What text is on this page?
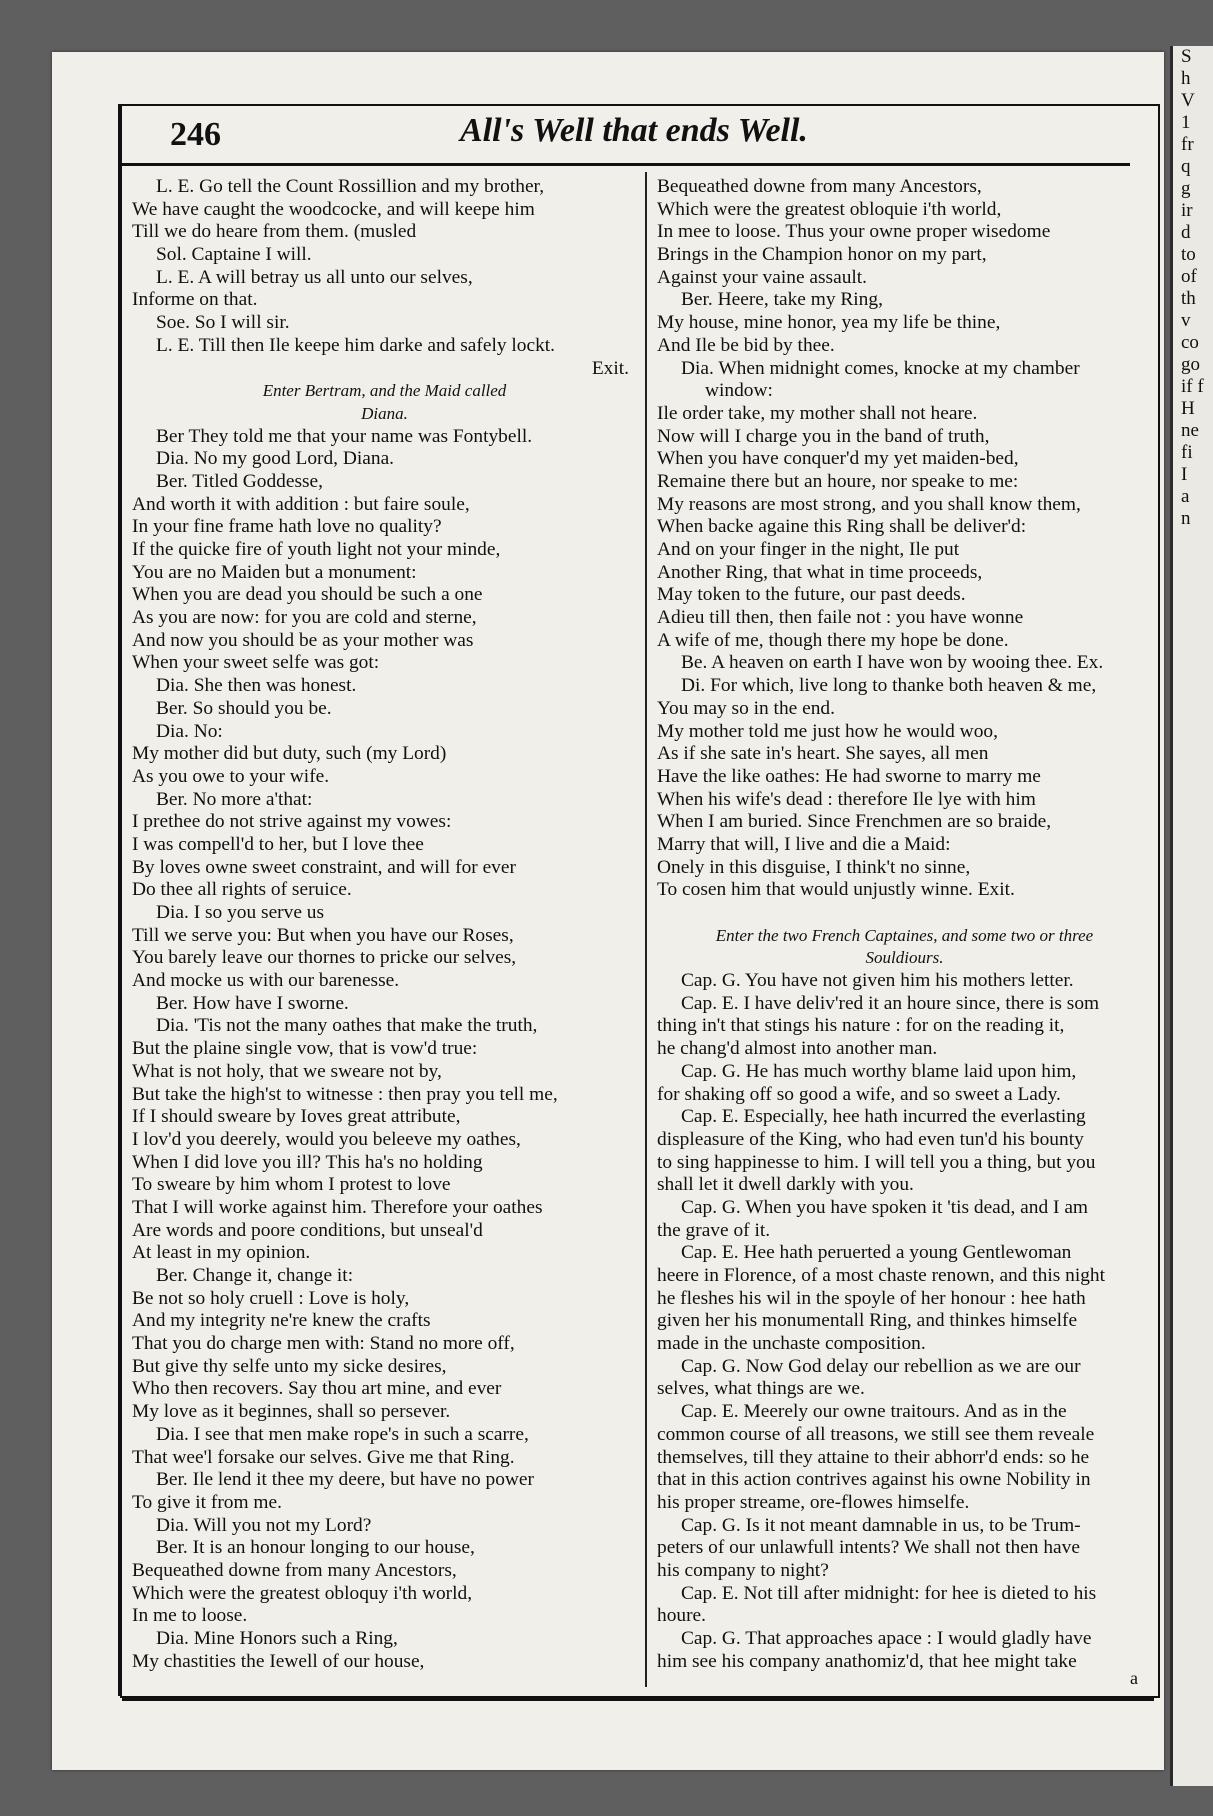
S
h
V
1
fr
q
g
ir
d
to
of
th
v
co
go
if f
H
ne
fi
I
a
n
246	All's Well that ends Well.
L. E. Go tell the Count Rossillion and my brother,
We have caught the woodcocke, and will keepe him
Till we do heare from them. (musled
Sol. Captaine I will.
L. E. A will betray us all unto our selves,
Informe on that.
Soe. So I will sir.
L. E. Till then Ile keepe him darke and safely lockt.
Exit.
Enter Bertram, and the Maid called
Diana.
Ber They told me that your name was Fontybell.
Dia. No my good Lord, Diana.
Ber. Titled Goddesse,
And worth it with addition : but faire soule,
In your fine frame hath love no quality?
If the quicke fire of youth light not your minde,
You are no Maiden but a monument:
When you are dead you should be such a one
As you are now: for you are cold and sterne,
And now you should be as your mother was
When your sweet selfe was got:
Dia. She then was honest.
Ber. So should you be.
Dia. No:
My mother did but duty, such (my Lord)
As you owe to your wife.
Ber. No more a'that:
I prethee do not strive against my vowes:
I was compell'd to her, but I love thee
By loves owne sweet constraint, and will for ever
Do thee all rights of seruice.
Dia. I so you serve us
Till we serve you: But when you have our Roses,
You barely leave our thornes to pricke our selves,
And mocke us with our barenesse.
Ber. How have I sworne.
Dia. 'Tis not the many oathes that make the truth,
But the plaine single vow, that is vow'd true:
What is not holy, that we sweare not by,
But take the high'st to witnesse : then pray you tell me,
If I should sweare by Ioves great attribute,
I lov'd you deerely, would you beleeve my oathes,
When I did love you ill? This ha's no holding
To sweare by him whom I protest to love
That I will worke against him. Therefore your oathes
Are words and poore conditions, but unseal'd
At least in my opinion.
Ber. Change it, change it:
Be not so holy cruell : Love is holy,
And my integrity ne're knew the crafts
That you do charge men with: Stand no more off,
But give thy selfe unto my sicke desires,
Who then recovers. Say thou art mine, and ever
My love as it beginnes, shall so persever.
Dia. I see that men make rope's in such a scarre,
That wee'l forsake our selves. Give me that Ring.
Ber. Ile lend it thee my deere, but have no power
To give it from me.
Dia. Will you not my Lord?
Ber. It is an honour longing to our house,
Bequeathed downe from many Ancestors,
Which were the greatest obloquy i'th world,
In me to loose.
Dia. Mine Honors such a Ring,
My chastities the Iewell of our house,
Bequeathed downe from many Ancestors,
Which were the greatest obloquie i'th world,
In mee to loose. Thus your owne proper wisedome
Brings in the Champion honor on my part,
Against your vaine assault.
Ber. Heere, take my Ring,
My house, mine honor, yea my life be thine,
And Ile be bid by thee.
Dia. When midnight comes, knocke at my chamber
window:
Ile order take, my mother shall not heare.
Now will I charge you in the band of truth,
When you have conquer'd my yet maiden-bed,
Remaine there but an houre, nor speake to me:
My reasons are most strong, and you shall know them,
When backe againe this Ring shall be deliver'd:
And on your finger in the night, Ile put
Another Ring, that what in time proceeds,
May token to the future, our past deeds.
Adieu till then, then faile not : you have wonne
A wife of me, though there my hope be done.
Be. A heaven on earth I have won by wooing thee. Ex.
Di. For which, live long to thanke both heaven & me,
You may so in the end.
My mother told me just how he would woo,
As if she sate in's heart. She sayes, all men
Have the like oathes: He had sworne to marry me
When his wife's dead : therefore Ile lye with him
When I am buried. Since Frenchmen are so braide,
Marry that will, I live and die a Maid:
Onely in this disguise, I think't no sinne,
To cosen him that would unjustly winne. Exit.
Enter the two French Captaines, and some two or three
Souldiours.
Cap. G. You have not given him his mothers letter.
Cap. E. I have deliv'red it an houre since, there is som
thing in't that stings his nature : for on the reading it,
he chang'd almost into another man.
Cap. G. He has much worthy blame laid upon him,
for shaking off so good a wife, and so sweet a Lady.
Cap. E. Especially, hee hath incurred the everlasting
displeasure of the King, who had even tun'd his bounty
to sing happinesse to him. I will tell you a thing, but you
shall let it dwell darkly with you.
Cap. G. When you have spoken it 'tis dead, and I am
the grave of it.
Cap. E. Hee hath peruerted a young Gentlewoman
heere in Florence, of a most chaste renown, and this night
he fleshes his wil in the spoyle of her honour : hee hath
given her his monumentall Ring, and thinkes himselfe
made in the unchaste composition.
Cap. G. Now God delay our rebellion as we are our
selves, what things are we.
Cap. E. Meerely our owne traitours. And as in the
common course of all treasons, we still see them reveale
themselves, till they attaine to their abhorr'd ends: so he
that in this action contrives against his owne Nobility in
his proper streame, ore-flowes himselfe.
Cap. G. Is it not meant damnable in us, to be Trum-
peters of our unlawfull intents? We shall not then have
his company to night?
Cap. E. Not till after midnight: for hee is dieted to his
houre.
Cap. G. That approaches apace : I would gladly have
him see his company anathomiz'd, that hee might take
a
